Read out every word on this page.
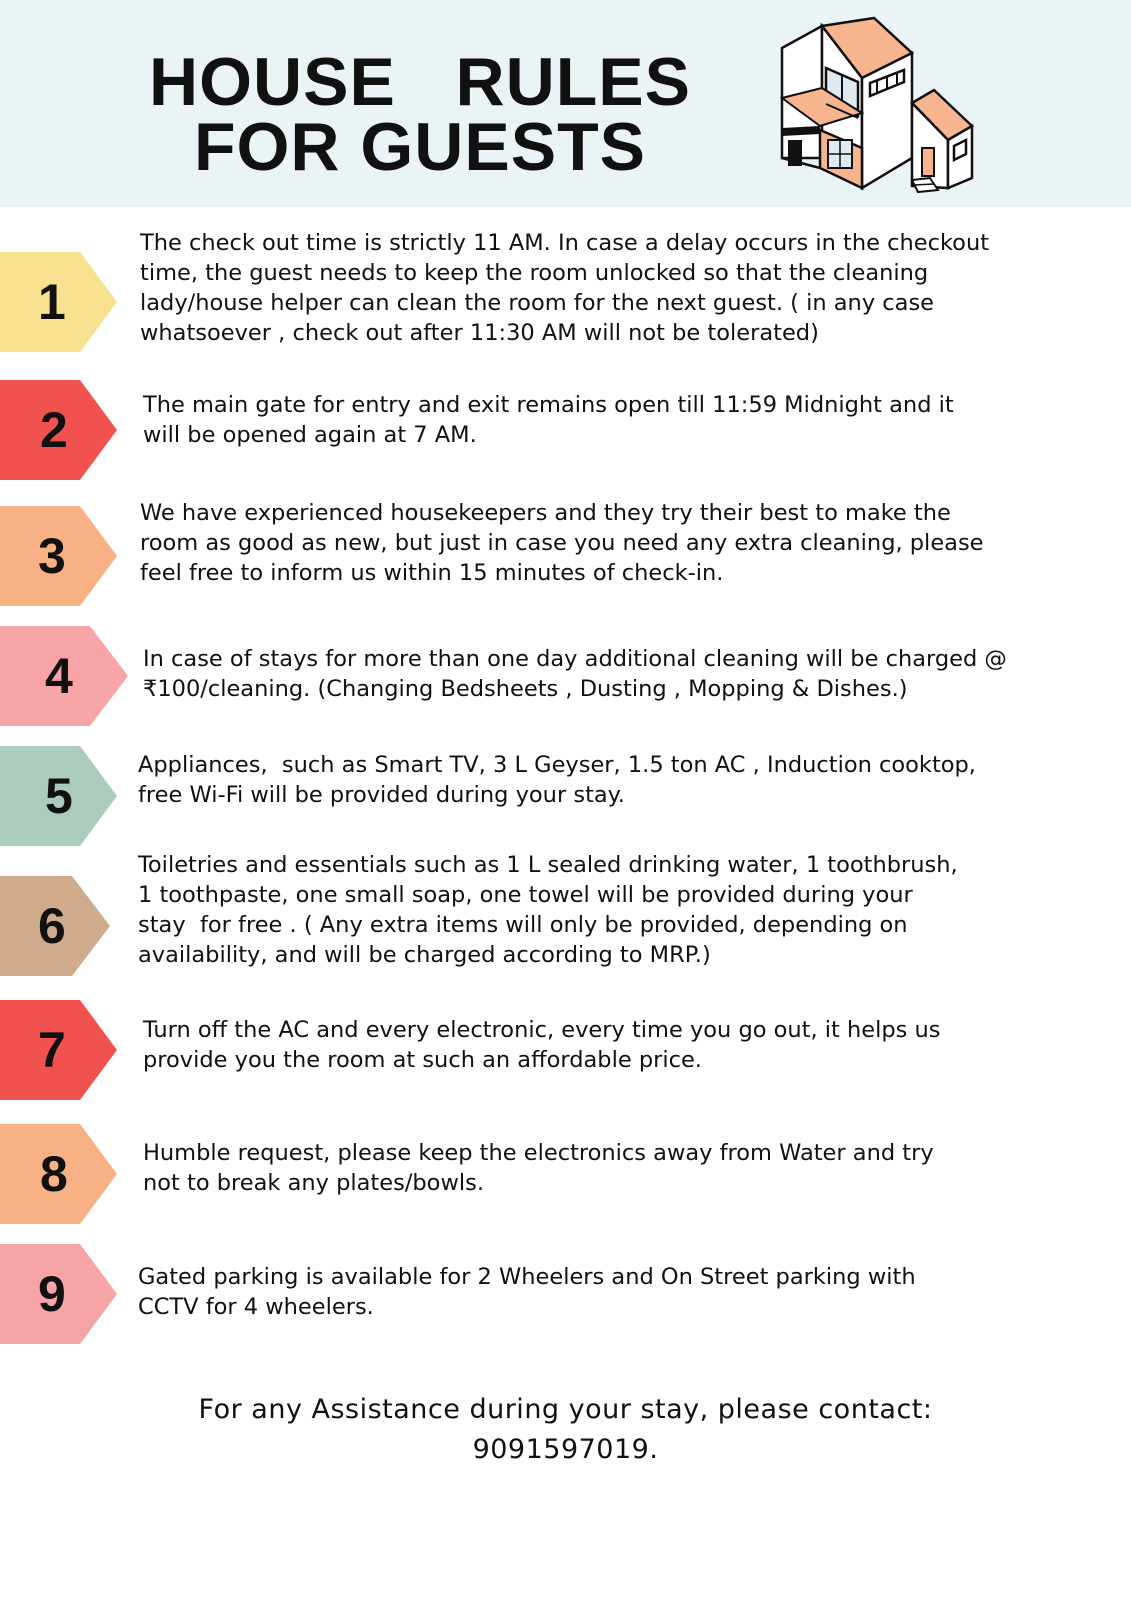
HOUSE   RULES
FOR GUESTS
1
The check out time is strictly 11 AM. In case a delay occurs in the checkout
time, the guest needs to keep the room unlocked so that the cleaning
lady/house helper can clean the room for the next guest. ( in any case
whatsoever , check out after 11:30 AM will not be tolerated)
2	The main gate for entry and exit remains open till 11:59 Midnight and it
will be opened again at 7 AM.
3
We have experienced housekeepers and they try their best to make the
room as good as new, but just in case you need any extra cleaning, please
feel free to inform us within 15 minutes of check-in.
4	In case of stays for more than one day additional cleaning will be charged @
₹100/cleaning. (Changing Bedsheets , Dusting , Mopping & Dishes.)
5
Appliances,  such as Smart TV, 3 L Geyser, 1.5 ton AC , Induction cooktop,
free Wi-Fi will be provided during your stay.
6
Toiletries and essentials such as 1 L sealed drinking water, 1 toothbrush,
1 toothpaste, one small soap, one towel will be provided during your
stay  for free . ( Any extra items will only be provided, depending on
availability, and will be charged according to MRP.)
7	Turn off the AC and every electronic, every time you go out, it helps us
provide you the room at such an affordable price.
8	Humble request, please keep the electronics away from Water and try
not to break any plates/bowls.
9	Gated parking is available for 2 Wheelers and On Street parking with
CCTV for 4 wheelers.
For any Assistance during your stay, please contact:
9091597019.
